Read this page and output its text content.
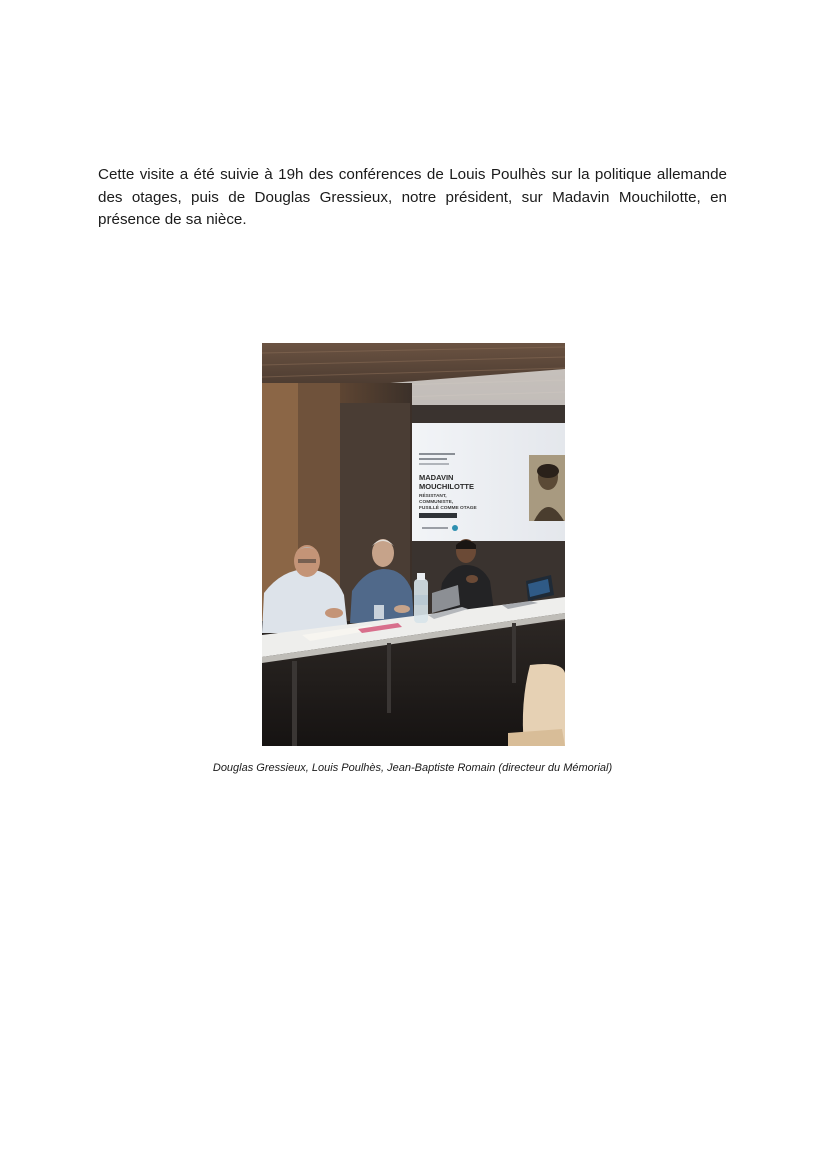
Cette visite a été suivie à 19h des conférences de Louis Poulhès sur la politique allemande des otages, puis de Douglas Gressieux, notre président, sur Madavin Mouchilotte, en présence de sa nièce.

MADAVIN
MOUCHILOTTE
RÉSISTANT,
COMMUNISTE,
FUSILLÉ COMME OTAGE

Douglas Gressieux, Louis Poulhès, Jean-Baptiste Romain (directeur du Mémorial)
